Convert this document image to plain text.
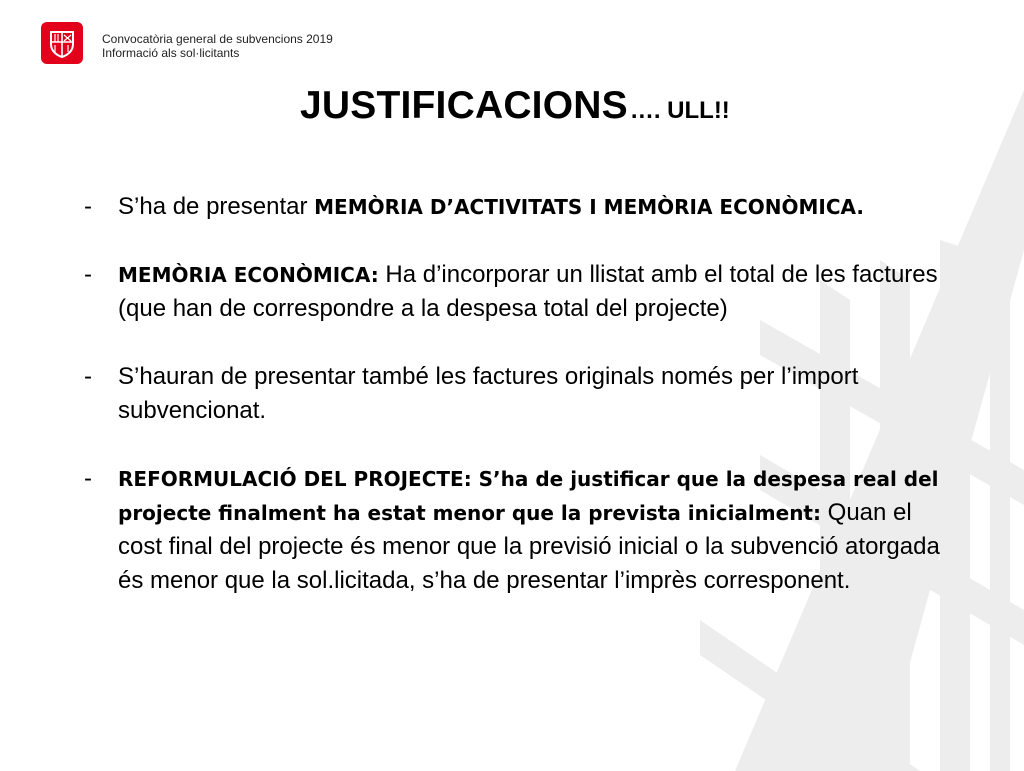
Convocatòria general de subvencions 2019
Informació als sol·licitants
JUSTIFICACIONS…. ULL!!
- S’ha de presentar MEMÒRIA D’ACTIVITATS I MEMÒRIA ECONÒMICA.
- MEMÒRIA ECONÒMICA: Ha d’incorporar un llistat amb el total de les factures (que han de correspondre a la despesa total del projecte)
- S’hauran de presentar també les factures originals només per l’import subvencionat.
- REFORMULACIÓ DEL PROJECTE: S’ha de justificar que la despesa real del projecte finalment ha estat menor que la prevista inicialment: Quan el cost final del projecte és menor que la previsió inicial o la subvenció atorgada és menor que la sol.licitada, s’ha de presentar l’imprès corresponent.
